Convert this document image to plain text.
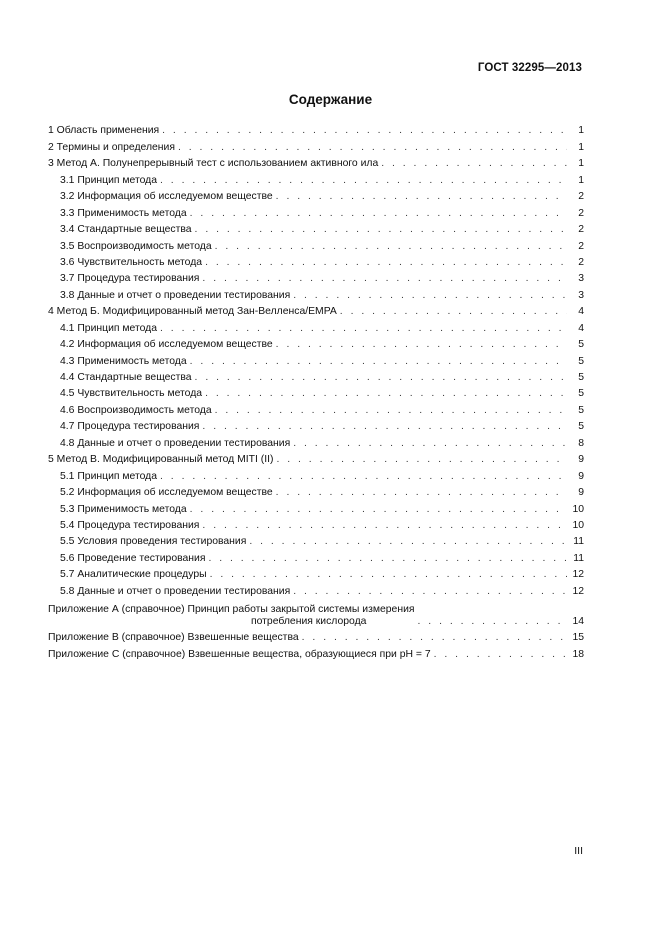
ГОСТ 32295—2013
Содержание
1 Область применения . . .	1
2 Термины и определения . . .	1
3 Метод А. Полунепрерывный тест с использованием активного ила . . .	1
3.1 Принцип метода . . .	1
3.2 Информация об исследуемом веществе . . .	2
3.3 Применимость метода . . .	2
3.4 Стандартные вещества . . .	2
3.5 Воспроизводимость метода . . .	2
3.6 Чувствительность метода . . .	2
3.7 Процедура тестирования . . .	3
3.8 Данные и отчет о проведении тестирования . . .	3
4 Метод Б. Модифицированный метод Зан-Велленса/EMPA . . .	4
4.1 Принцип метода . . .	4
4.2 Информация об исследуемом веществе . . .	5
4.3 Применимость метода . . .	5
4.4 Стандартные вещества . . .	5
4.5 Чувствительность метода . . .	5
4.6 Воспроизводимость метода . . .	5
4.7 Процедура тестирования . . .	5
4.8 Данные и отчет о проведении тестирования . . .	8
5 Метод В. Модифицированный метод MITI (II) . . .	9
5.1 Принцип метода . . .	9
5.2 Информация об исследуемом веществе . . .	9
5.3 Применимость метода . . .	10
5.4 Процедура тестирования . . .	10
5.5 Условия проведения тестирования . . .	11
5.6 Проведение тестирования . . .	11
5.7 Аналитические процедуры . . .	12
5.8 Данные и отчет о проведении тестирования . . .	12
Приложение А (справочное) Принцип работы закрытой системы измерения
потребления кислорода . . .	14
Приложение В (справочное) Взвешенные вещества . . .	15
Приложение С (справочное) Взвешенные вещества, образующиеся при pH = 7 . . .	18
III
